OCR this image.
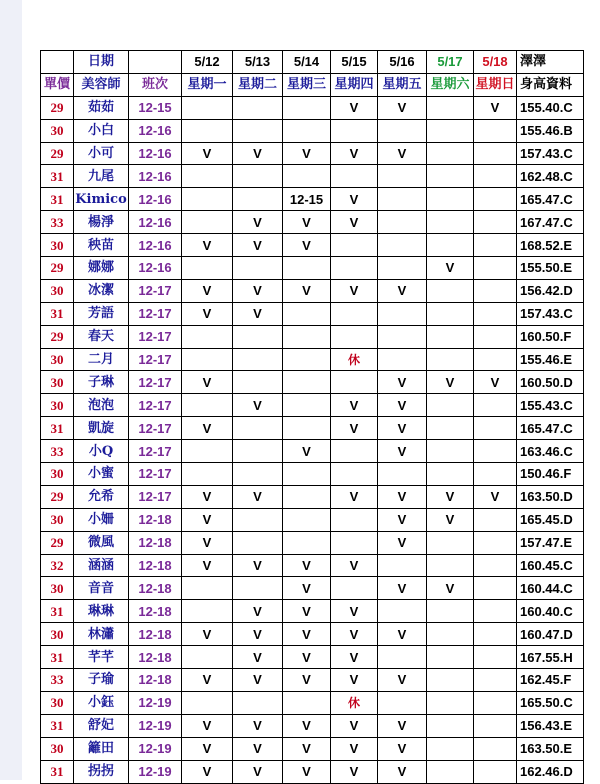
	日期		5/12	5/13	5/14	5/15	5/16	5/17	5/18	澤澤
單價	美容師	班次	星期一	星期二	星期三	星期四	星期五	星期六	星期日	身高資料
29	茹茹	12-15				V	V		V	155.40.C
30	小白	12-16								155.46.B
29	小可	12-16	V	V	V	V	V			157.43.C
31	九尾	12-16								162.48.C
31	Kimico	12-16			12-15	V				165.47.C
33	楊淨	12-16		V	V	V				167.47.C
30	秧苗	12-16	V	V	V					168.52.E
29	娜娜	12-16						V		155.50.E
30	冰潔	12-17	V	V	V	V	V			156.42.D
31	芳語	12-17	V	V						157.43.C
29	春天	12-17								160.50.F
30	二月	12-17				休				155.46.E
30	子琳	12-17	V				V	V	V	160.50.D
30	泡泡	12-17		V		V	V			155.43.C
31	凱旋	12-17	V			V	V			165.47.C
33	小Q	12-17			V		V			163.46.C
30	小蜜	12-17								150.46.F
29	允希	12-17	V	V		V	V	V	V	163.50.D
30	小姍	12-18	V				V	V		165.45.D
29	微風	12-18	V				V			157.47.E
32	涵涵	12-18	V	V	V	V				160.45.C
30	音音	12-18			V		V	V		160.44.C
31	琳琳	12-18		V	V	V				160.40.C
30	林瀟	12-18	V	V	V	V	V			160.47.D
31	芊芊	12-18		V	V	V				167.55.H
33	子瑜	12-18	V	V	V	V	V			162.45.F
30	小鈺	12-19				休				165.50.C
31	舒妃	12-19	V	V	V	V	V			156.43.E
30	籬田	12-19	V	V	V	V	V			163.50.E
31	拐拐	12-19	V	V	V	V	V			162.46.D
